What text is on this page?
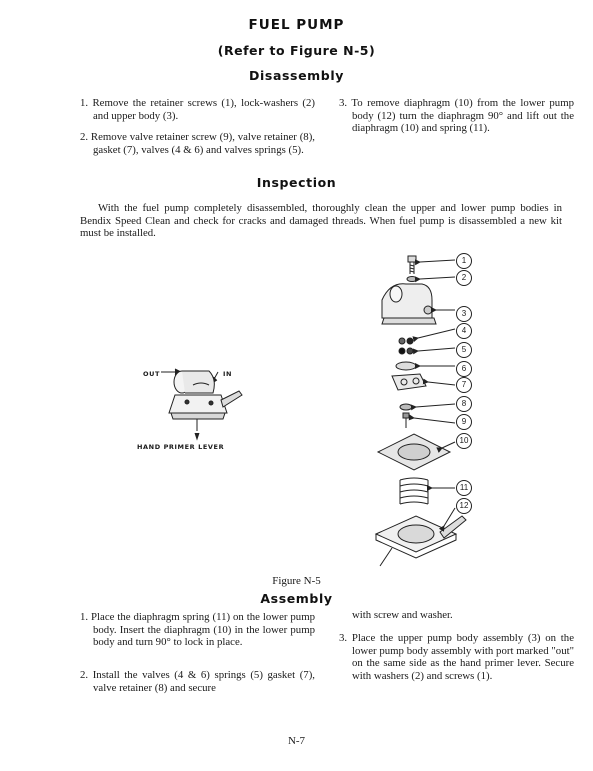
FUEL PUMP
(Refer to Figure N-5)
Disassembly
1. Remove the retainer screws (1), lock-washers (2) and upper body (3).
2. Remove valve retainer screw (9), valve retainer (8), gasket (7), valves (4 & 6) and valves springs (5).
3. To remove diaphragm (10) from the lower pump body (12) turn the diaphragm 90° and lift out the diaphragm (10) and spring (11).
Inspection
With the fuel pump completely disassembled, thoroughly clean the upper and lower pump bodies in Bendix Speed Clean and check for cracks and damaged threads. When fuel pump is disassembled a new kit must be installed.
OUT	IN
HAND PRIMER LEVER
1
2
3
4
5
6
7
8
9
10
11
12
Figure N-5
Assembly
1. Place the diaphragm spring (11) on the lower pump body. Insert the diaphragm (10) in the lower pump body and turn 90° to lock in place.
2. Install the valves (4 & 6) springs (5) gasket (7), valve retainer (8) and secure
with screw and washer.
3. Place the upper pump body assembly (3) on the lower pump body assembly with port marked "out" on the same side as the hand primer lever. Secure with washers (2) and screws (1).
N-7
